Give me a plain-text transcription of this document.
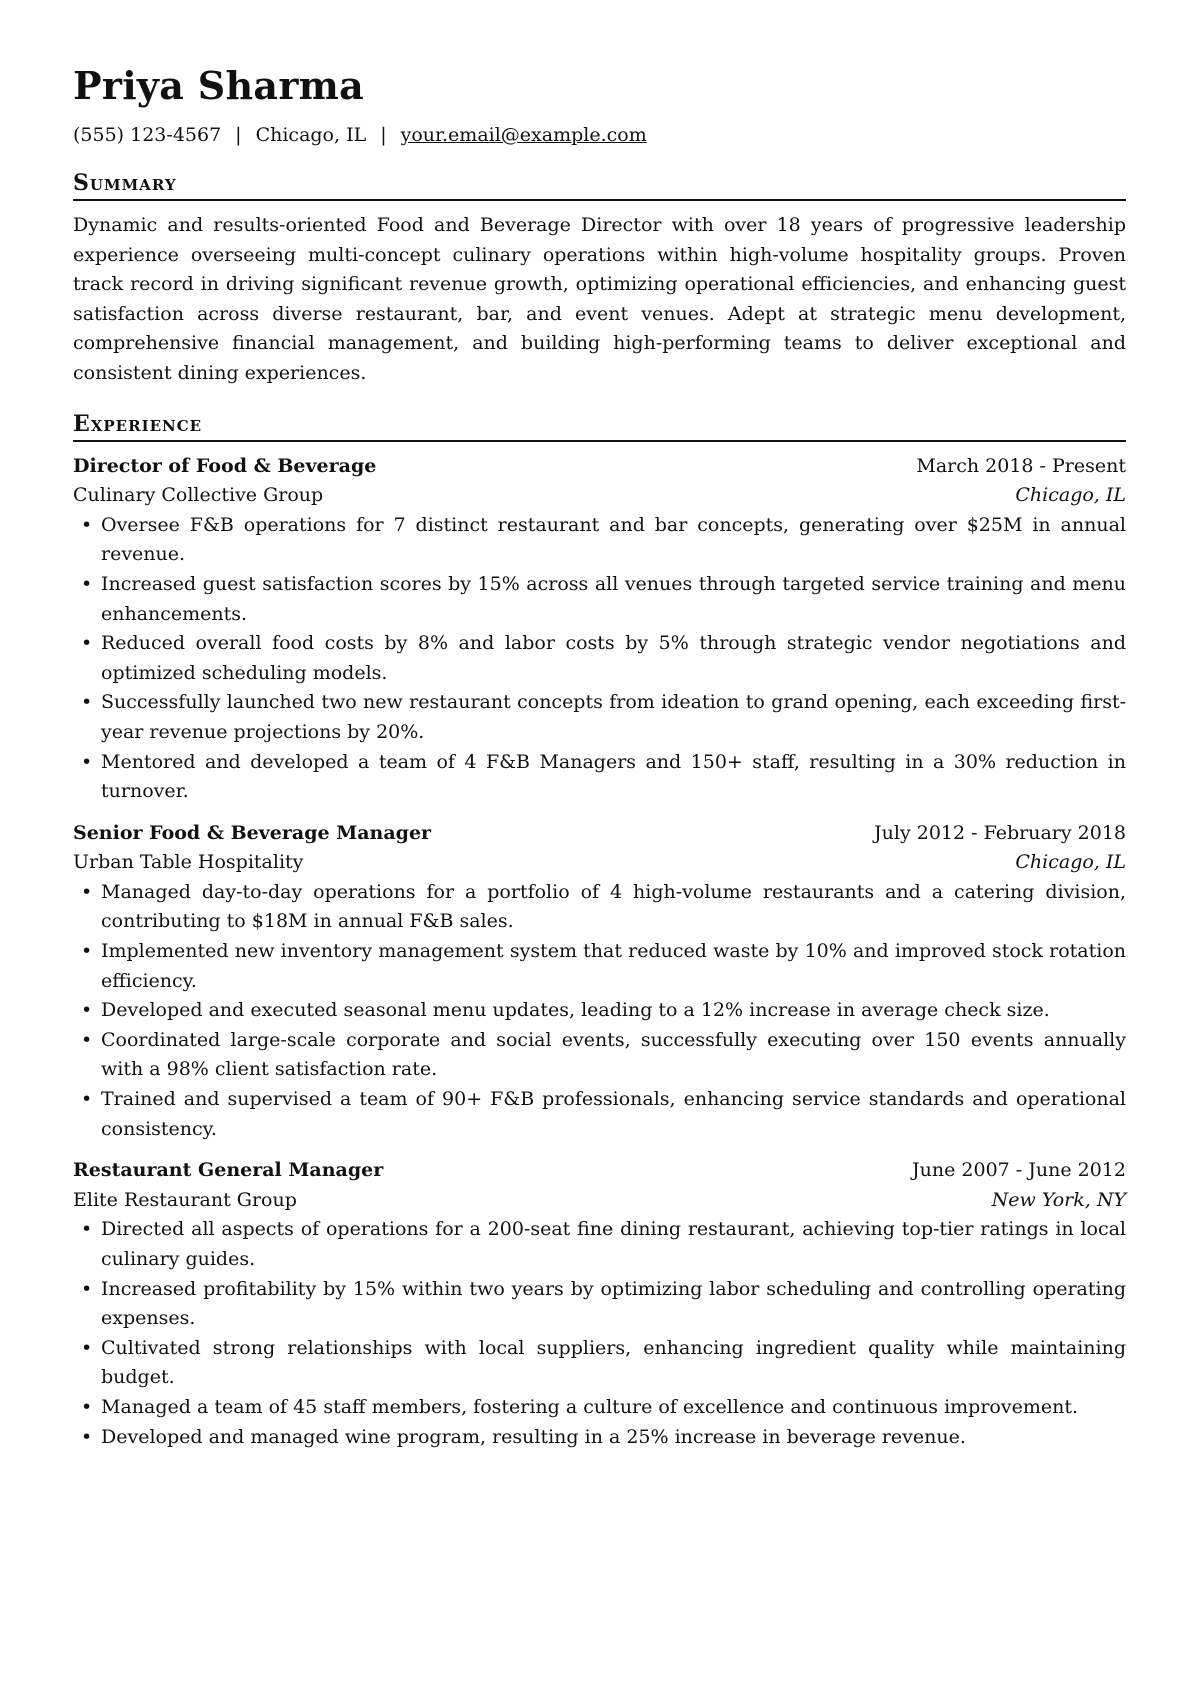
Priya Sharma
(555) 123-4567 | Chicago, IL | your.email@example.com
Summary

Dynamic and results-oriented Food and Beverage Director with over 18 years of progressive leadership experience overseeing multi-concept culinary operations within high-volume hospitality groups. Proven track record in driving significant revenue growth, optimizing operational efficiencies, and enhancing guest satisfaction across diverse restaurant, bar, and event venues. Adept at strategic menu development, comprehensive financial management, and building high-performing teams to deliver exceptional and consistent dining experiences.

Experience
Director of Food & Beverage	March 2018 - Present
Culinary Collective Group	Chicago, IL
• Oversee F&B operations for 7 distinct restaurant and bar concepts, generating over $25M in annual revenue.
• Increased guest satisfaction scores by 15% across all venues through targeted service training and menu enhancements.
• Reduced overall food costs by 8% and labor costs by 5% through strategic vendor negotiations and optimized scheduling models.
• Successfully launched two new restaurant concepts from ideation to grand opening, each exceeding first-year revenue projections by 20%.
• Mentored and developed a team of 4 F&B Managers and 150+ staff, resulting in a 30% reduction in turnover.
Senior Food & Beverage Manager	July 2012 - February 2018
Urban Table Hospitality	Chicago, IL
• Managed day-to-day operations for a portfolio of 4 high-volume restaurants and a catering division, contributing to $18M in annual F&B sales.
• Implemented new inventory management system that reduced waste by 10% and improved stock rotation efficiency.
• Developed and executed seasonal menu updates, leading to a 12% increase in average check size.
• Coordinated large-scale corporate and social events, successfully executing over 150 events annually with a 98% client satisfaction rate.
• Trained and supervised a team of 90+ F&B professionals, enhancing service standards and operational consistency.
Restaurant General Manager	June 2007 - June 2012
Elite Restaurant Group	New York, NY
• Directed all aspects of operations for a 200-seat fine dining restaurant, achieving top-tier ratings in local culinary guides.
• Increased profitability by 15% within two years by optimizing labor scheduling and controlling operating expenses.
• Cultivated strong relationships with local suppliers, enhancing ingredient quality while maintaining budget.
• Managed a team of 45 staff members, fostering a culture of excellence and continuous improvement.
• Developed and managed wine program, resulting in a 25% increase in beverage revenue.
